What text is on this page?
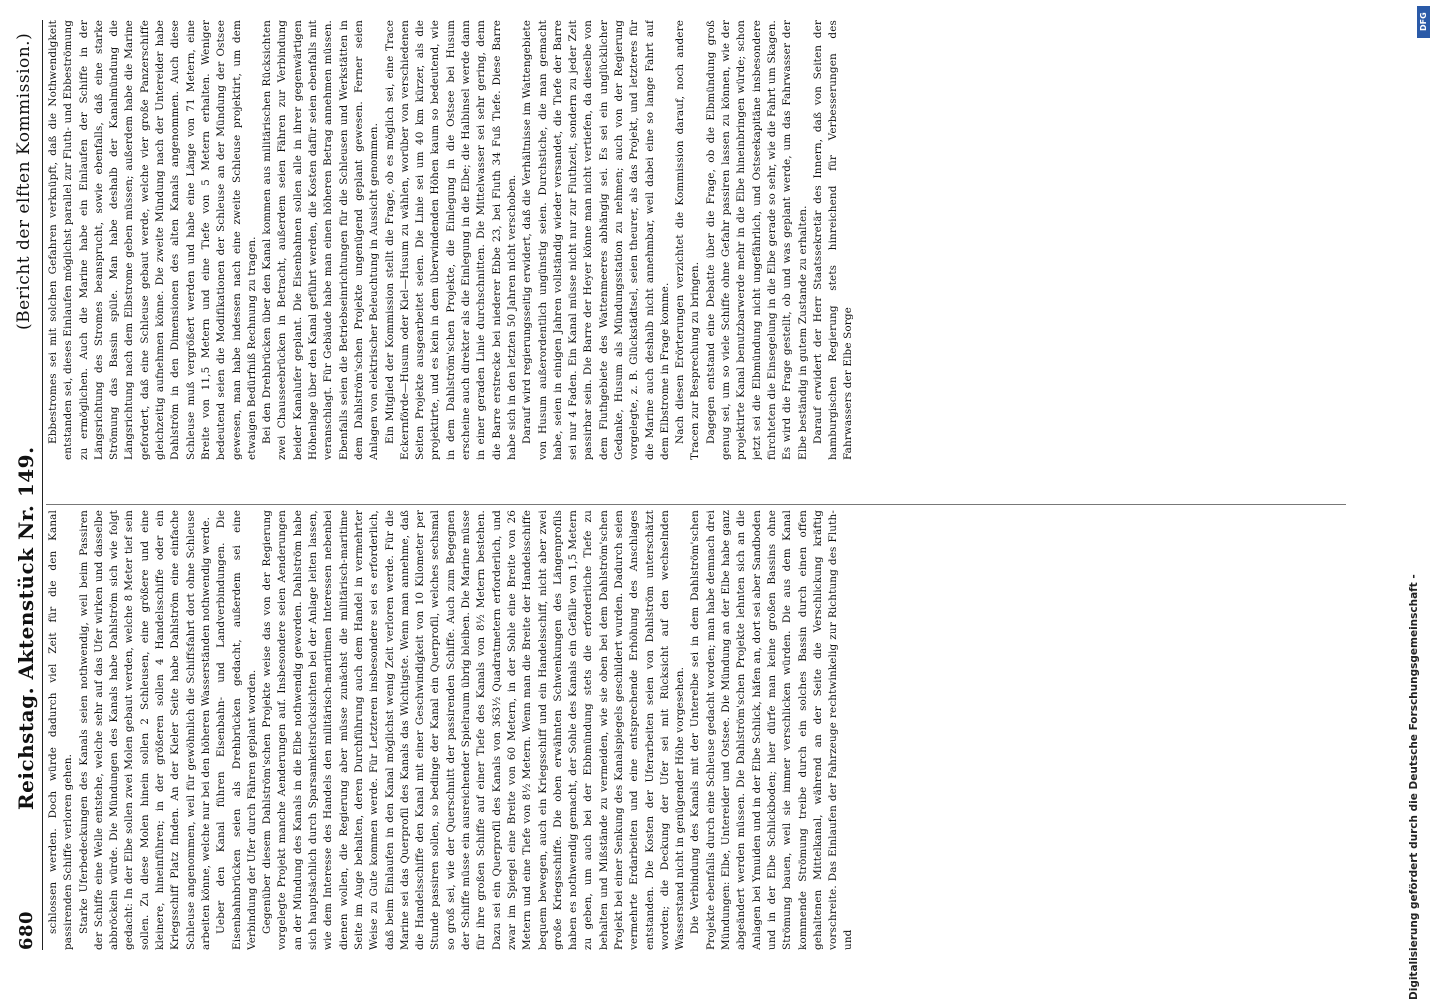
680
Reichstag. Aktenstück Nr. 149.
(Bericht der elften Kommission.)

schlossen werden. Doch würde dadurch viel Zeit für die den Kanal passirenden Schiffe verloren gehen. Starke Uferbedeckungen des Kanals seien nothwendig, weil beim Passiren der Schiffe eine Welle entstehe, welche sehr auf das Ufer wirken und dasselbe abbröckeln würde. Die Mündungen des Kanals habe Dahlström sich wie folgt gedacht: In der Elbe sollen zwei Molen gebaut werden, welche 8 Meter tief sein sollen. Zu diese Molen hinein sollen 2 Schleusen, eine größere und eine kleinere, hineinführen; in der größeren sollen 4 Handelsschiffe oder ein Kriegsschiff Platz finden. An der Kieler Seite habe Dahlström eine einfache Schleuse angenommen, weil für gewöhnlich die Schiffsfahrt dort ohne Schleuse arbeiten könne, welche nur bei den höheren Wasserständen nothwendig werde. Ueber den Kanal führen Eisenbahn- und Landverbindungen. Die Eisenbahnbrücken seien als Drehbrücken gedacht, außerdem sei eine Verbindung der Ufer durch Fähren geplant worden. Gegenüber diesem Dahlström'schen Projekte weise das von der Regierung vorgelegte Projekt manche Aenderungen auf. Insbesondere seien Aenderungen an der Mündung des Kanals in die Elbe nothwendig geworden. Dahlström habe sich hauptsächlich durch Sparsamkeitsrücksichten bei der Anlage leiten lassen, wie dem Interesse des Handels den militärisch-maritimen Interessen nebenbei dienen wollen, die Regierung aber müsse zunächst die militärisch-maritime Seite im Auge behalten, deren Durchführung auch dem Handel in vermehrter Weise zu Gute kommen werde. Für Letzteren insbesondere sei es erforderlich, daß beim Einlaufen in den Kanal möglichst wenig Zeit verloren werde. Für die Marine sei das Querprofil des Kanals das Wichtigste. Wenn man annehme, daß die Handelsschiffe den Kanal mit einer Geschwindigkeit von 10 Kilometer per Stunde passiren sollen, so bedinge der Kanal ein Querprofil, welches sechsmal so groß sei, wie der Querschnitt der passirenden Schiffe. Auch zum Begegnen der Schiffe müsse ein ausreichender Spielraum übrig bleiben. Die Marine müsse für ihre großen Schiffe auf einer Tiefe des Kanals von 8½ Metern bestehen. Dazu sei ein Querprofil des Kanals von 363½ Quadratmetern erforderlich, und zwar im Spiegel eine Breite von 60 Metern, in der Sohle eine Breite von 26 Metern und eine Tiefe von 8½ Metern. Wenn man die Breite der Handelsschiffe bequem bewegen, auch ein Kriegsschiff und ein Handelsschiff, nicht aber zwei große Kriegsschiffe. Die oben erwähnten Schwenkungen des Längenprofils haben es nothwendig gemacht, der Sohle des Kanals ein Gefälle von 1,5 Metern zu geben, um auch bei der Ebbmündung stets die erforderliche Tiefe zu behalten und Mißstände zu vermeiden, wie sie oben bei dem Dahlström'schen Projekt bei einer Senkung des Kanalspiegels geschildert wurden. Dadurch seien vermehrte Erdarbeiten und eine entsprechende Erhöhung des Anschlages entstanden. Die Kosten der Uferarbeiten seien von Dahlström unterschätzt worden; die Deckung der Ufer sei mit Rücksicht auf den wechselnden Wasserstand nicht in genügender Höhe vorgesehen. Die Verbindung des Kanals mit der Unterelbe sei in dem Dahlström'schen Projekte ebenfalls durch eine Schleuse gedacht worden; man habe demnach drei Mündungen: Elbe, Untereider und Ostsee. Die Mündung an der Elbe habe ganz abgeändert werden müssen. Die Dahlström'schen Projekte lehnten sich an die Anlagen bei Ymuiden und in der Elbe Schlick, häfen an, dort sei aber Sandboden und in der Elbe Schlickboden; hier dürfe man keine großen Bassins ohne Strömung bauen, weil sie immer verschlicken würden. Die aus dem Kanal kommende Strömung treibe durch ein solches Bassin durch einen offen gehaltenen Mittelkanal, während an der Seite die Verschlickung kräftig vorschreite. Das Einlaufen der Fahrzeuge rechtwinkelig zur Richtung des Fluth- und

Ebbestromes sei mit solchen Gefahren verknüpft, daß die Nothwendigkeit entstanden sei, dieses Einlaufen möglichst parallel zur Fluth- und Ebbeströmung zu ermöglichen. Auch die Marine habe ein Einlaufen der Schiffe in der Längsrichtung des Stromes beansprucht, sowie ebenfalls, daß eine starke Strömung das Bassin spüle. Man habe deshalb der Kanalmündung die Längsrichtung nach dem Elbstrome geben müssen; außerdem habe die Marine gefordert, daß eine Schleuse gebaut werde, welche vier große Panzerschiffe gleichzeitig aufnehmen könne. Die zweite Mündung nach der Untereider habe Dahlström in den Dimensionen des alten Kanals angenommen. Auch diese Schleuse muß vergrößert werden und habe eine Länge von 71 Metern, eine Breite von 11,5 Metern und eine Tiefe von 5 Metern erhalten. Weniger bedeutend seien die Modifikationen der Schleuse an der Mündung der Ostsee gewesen, man habe indessen nach eine zweite Schleuse projektirt, um dem etwaigen Bedürfniß Rechnung zu tragen. Bei den Drehbrücken über den Kanal kommen aus militärischen Rücksichten zwei Chausseebrücken in Betracht, außerdem seien Fähren zur Verbindung beider Kanalufer geplant. Die Eisenbahnen sollen alle in ihrer gegenwärtigen Höhenlage über den Kanal geführt werden, die Kosten dafür seien ebenfalls mit veranschlagt. Für Gebäude habe man einen höheren Betrag annehmen müssen. Ebenfalls seien die Betriebseinrichtungen für die Schleusen und Werkstätten in dem Dahlström'schen Projekte ungenügend geplant gewesen. Ferner seien Anlagen von elektrischer Beleuchtung in Aussicht genommen. Ein Mitglied der Kommission stellt die Frage, ob es möglich sei, eine Trace Eckernförde—Husum oder Kiel—Husum zu wählen, worüber von verschiedenen Seiten Projekte ausgearbeitet seien. Die Linie sei um 40 km kürzer, als die projektirte, und es kein in dem überwindenden Höhen kaum so bedeutend, wie in dem Dahlström'schen Projekte, die Einlegung in die Ostsee bei Husum erscheine auch direkter als die Einlegung in die Elbe; die Halbinsel werde dann in einer geraden Linie durchschnitten. Die Mittelwasser sei sehr gering, denn die Barre erstrecke bei niederer Ebbe 23, bei Fluth 34 Fuß Tiefe. Diese Barre habe sich in den letzten 50 Jahren nicht verschoben. Darauf wird regierungsseitig erwidert, daß die Verhältnisse im Wattengebiete von Husum außerordentlich ungünstig seien. Durchstiche, die man gemacht habe, seien in einigen Jahren vollständig wieder versandet, die Tiefe der Barre sei nur 4 Faden. Ein Kanal müsse nicht nur zur Fluthzeit, sondern zu jeder Zeit passirbar sein. Die Barre der Heyer könne man nicht vertiefen, da dieselbe von dem Fluthgebiete des Wattenmeeres abhängig sei. Es sei ein unglücklicher Gedanke, Husum als Mündungsstation zu nehmen; auch von der Regierung vorgelegte, z. B. Glückstädtsel, seien theurer, als das Projekt, und letzteres für die Marine auch deshalb nicht annehmbar, weil dabei eine so lange Fahrt auf dem Elbstrome in Frage komme. Nach diesen Erörterungen verzichtet die Kommission darauf, noch andere Tracen zur Besprechung zu bringen. Dagegen entstand eine Debatte über die Frage, ob die Elbmündung groß genug sei, um so viele Schiffe ohne Gefahr passiren lassen zu können, wie der projektirte Kanal benutzbarwerde mehr in die Elbe hineinbringen würde; schon jetzt sei die Elbmündung nicht ungefährlich, und Ostseekapitäne insbesondere fürchteten die Einsegelung in die Elbe gerade so sehr, wie die Fahrt um Skagen. Es wird die Frage gestellt, ob und was geplant werde, um das Fahrwasser der Elbe beständig in gutem Zustande zu erhalten. Darauf erwidert der Herr Staatssekretär des Innern, daß von Seiten der hamburgischen Regierung stets hinreichend für Verbesserungen des Fahrwassers der Elbe Sorge

Digitalisierung gefördert durch die Deutsche Forschungsgemeinschaft -
DFG
